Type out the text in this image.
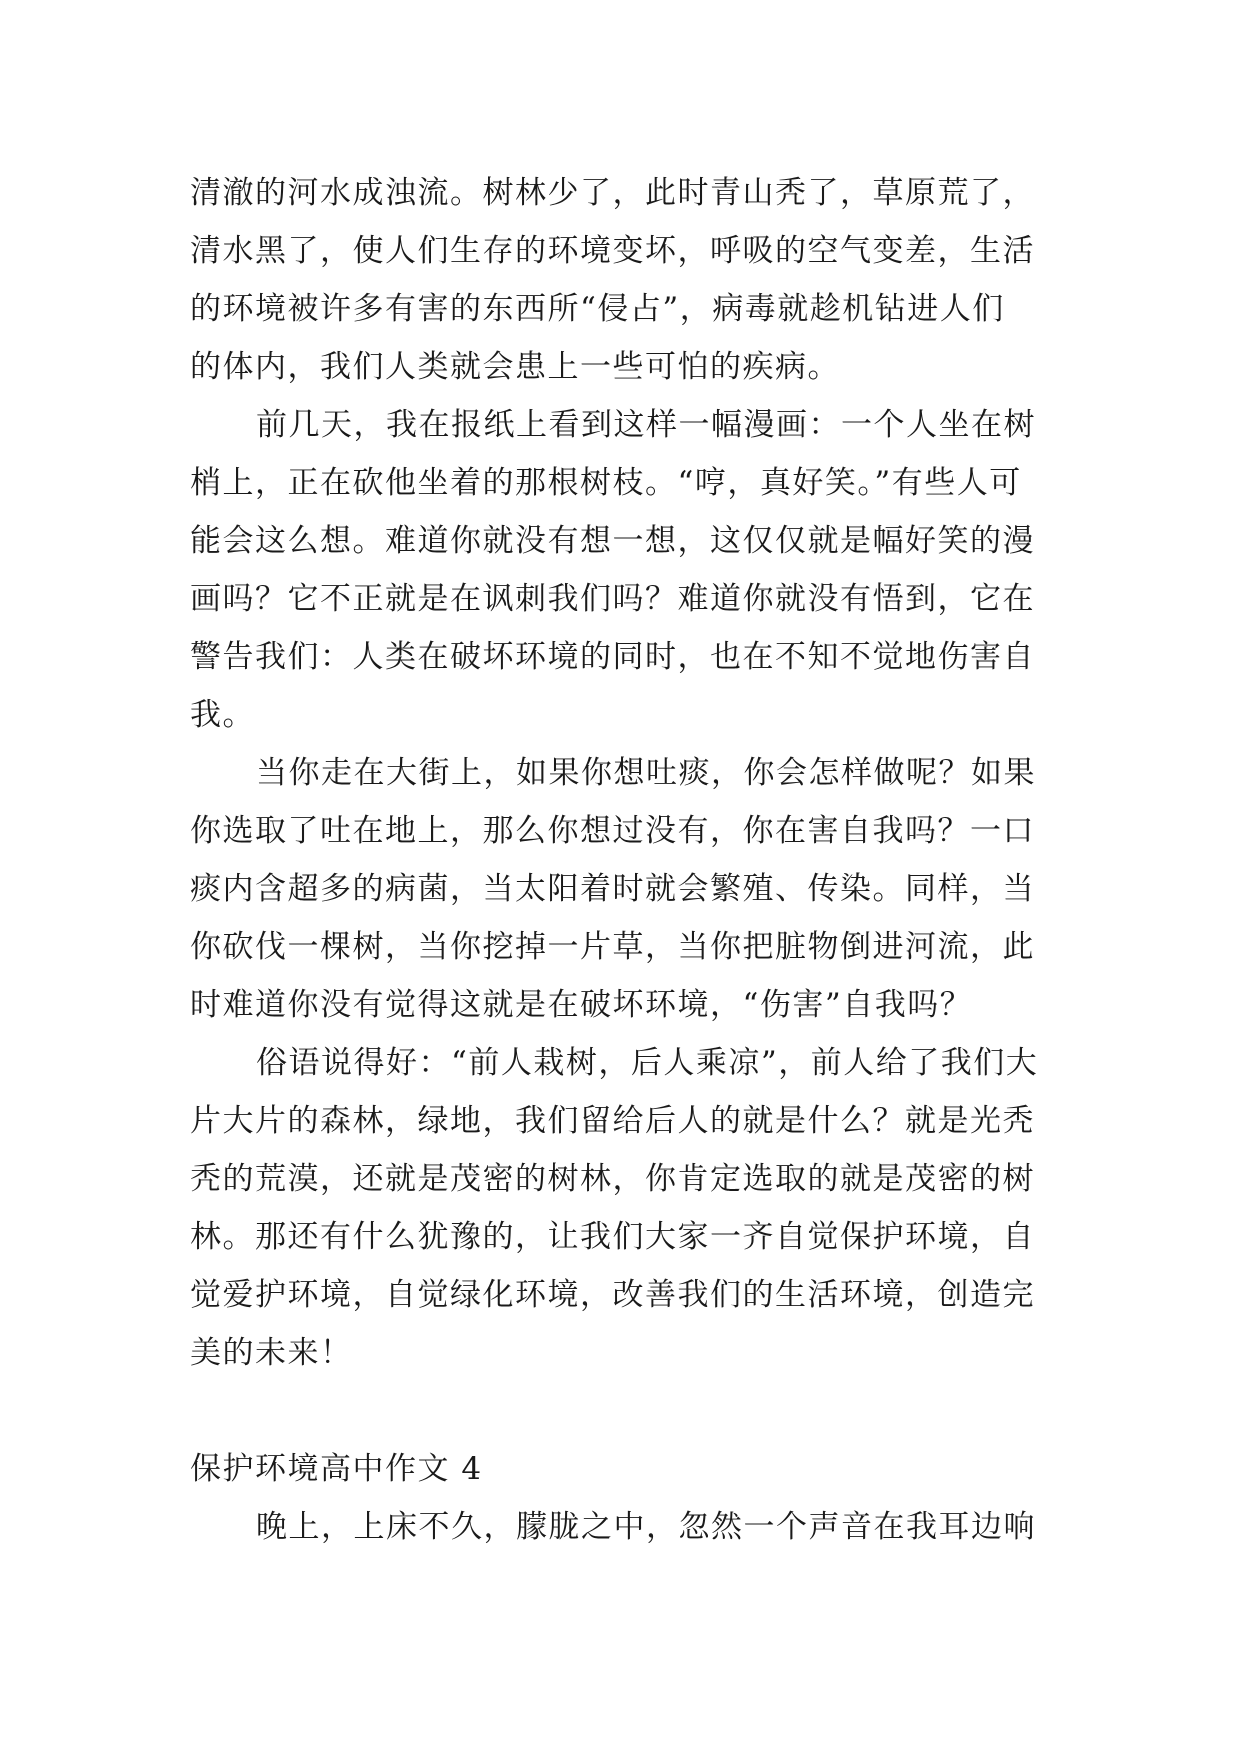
清澈的河水成浊流。树林少了，此时青山秃了，草原荒了，
清水黑了，使人们生存的环境变坏，呼吸的空气变差，生活
的环境被许多有害的东西所“侵占”，病毒就趁机钻进人们
的体内，我们人类就会患上一些可怕的疾病。
前几天，我在报纸上看到这样一幅漫画：一个人坐在树
梢上，正在砍他坐着的那根树枝。“哼，真好笑。”有些人可
能会这么想。难道你就没有想一想，这仅仅就是幅好笑的漫
画吗？它不正就是在讽刺我们吗？难道你就没有悟到，它在
警告我们：人类在破坏环境的同时，也在不知不觉地伤害自
我。
当你走在大街上，如果你想吐痰，你会怎样做呢？如果
你选取了吐在地上，那么你想过没有，你在害自我吗？一口
痰内含超多的病菌，当太阳着时就会繁殖、传染。同样，当
你砍伐一棵树，当你挖掉一片草，当你把脏物倒进河流，此
时难道你没有觉得这就是在破坏环境，“伤害”自我吗？
俗语说得好：“前人栽树，后人乘凉”，前人给了我们大
片大片的森林，绿地，我们留给后人的就是什么？就是光秃
秃的荒漠，还就是茂密的树林，你肯定选取的就是茂密的树
林。那还有什么犹豫的，让我们大家一齐自觉保护环境，自
觉爱护环境，自觉绿化环境，改善我们的生活环境，创造完
美的未来！
保护环境高中作文 4
晚上，上床不久，朦胧之中，忽然一个声音在我耳边响
